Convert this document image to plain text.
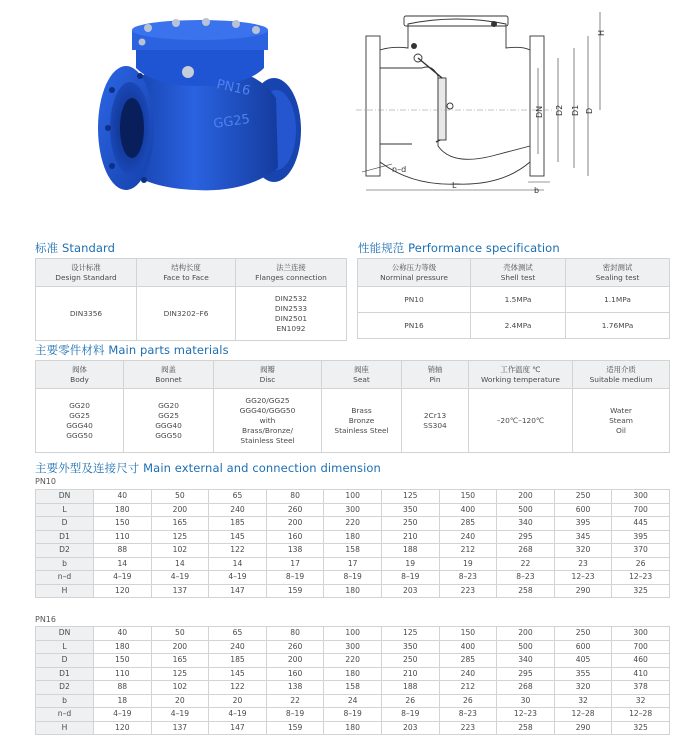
PN16
GG25
DN D2 D1 D
H
L
b
n–d
标准 Standard	性能规范 Performance specification
主要零件材料 Main parts materials
主要外型及连接尺寸 Main external and connection dimension
设计标准
Design Standard	结构长度
Face to Face	法兰连接
Flanges connection

DIN3356	DIN3202–F6	DIN2532
DIN2533
DIN2501
EN1092
公称压力等级
Norminal pressure	壳体测试
Shell test	密封测试
Sealing test

PN10	1.5MPa	1.1MPa
PN16	2.4MPa	1.76MPa
阀体
Body	阀盖
Bonnet	阀瓣
Disc	阀座
Seat	销轴
Pin	工作温度 ℃
Working temperature	适用介质
Suitable medium

GG20
GG25
GGG40
GGG50	GG20
GG25
GGG40
GGG50	GG20/GG25
GGG40/GGG50
with
Brass/Bronze/
Stainless Steel	Brass
Bronze
Stainless Steel	2Cr13
SS304	–20℃–120℃	Water
Steam
Oil
PN10
DN	40	50	65	80	100	125	150	200	250	300
L	180	200	240	260	300	350	400	500	600	700
D	150	165	185	200	220	250	285	340	395	445
D1	110	125	145	160	180	210	240	295	345	395
D2	88	102	122	138	158	188	212	268	320	370
b	14	14	14	17	17	19	19	22	23	26
n–d	4–19	4–19	4–19	8–19	8–19	8–19	8–23	8–23	12–23	12–23
H	120	137	147	159	180	203	223	258	290	325
PN16
DN	40	50	65	80	100	125	150	200	250	300
L	180	200	240	260	300	350	400	500	600	700
D	150	165	185	200	220	250	285	340	405	460
D1	110	125	145	160	180	210	240	295	355	410
D2	88	102	122	138	158	188	212	268	320	378
b	18	20	20	22	24	26	26	30	32	32
n–d	4–19	4–19	4–19	8–19	8–19	8–19	8–23	12–23	12–28	12–28
H	120	137	147	159	180	203	223	258	290	325
